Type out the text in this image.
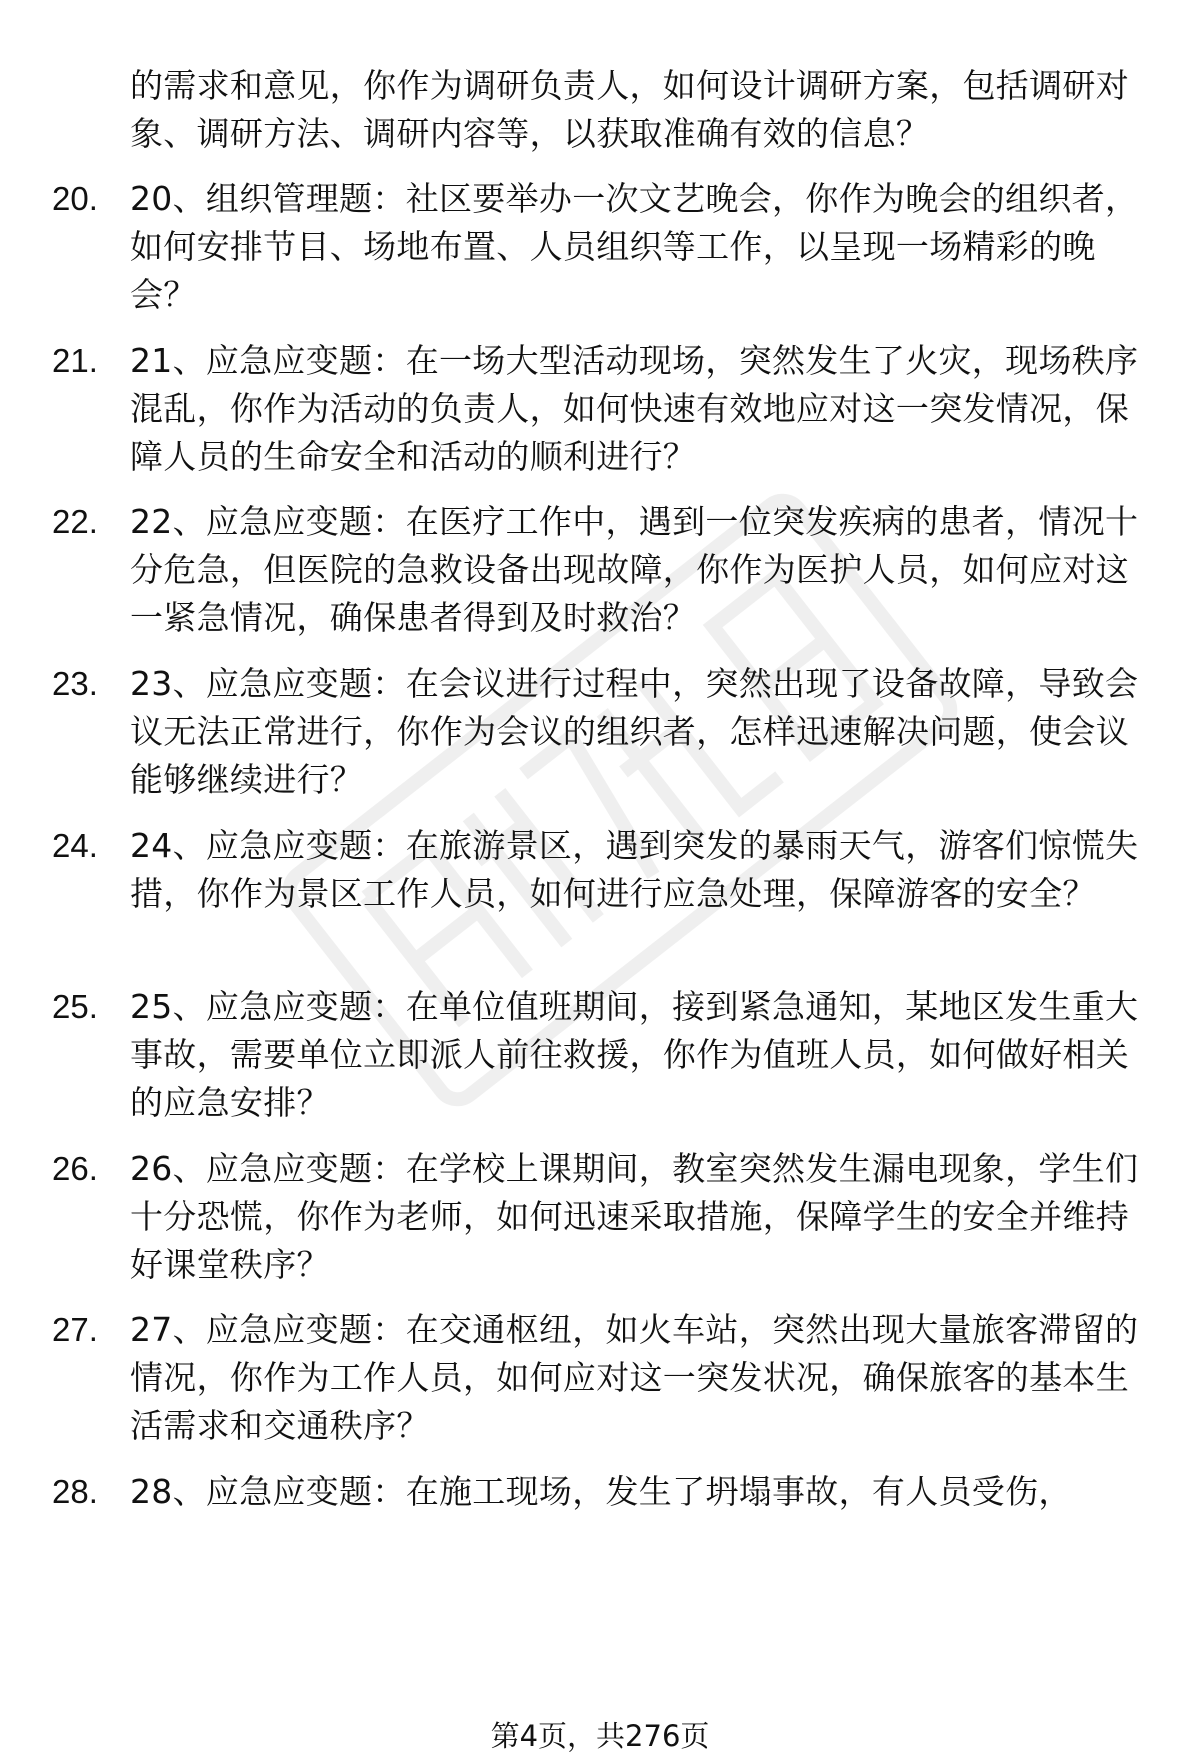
的需求和意见，你作为调研负责人，如何设计调研方案，包括调研对象、调研方法、调研内容等，以获取准确有效的信息？
20. 20、组织管理题：社区要举办一次文艺晚会，你作为晚会的组织者，如何安排节目、场地布置、人员组织等工作，以呈现一场精彩的晚会？
21. 21、应急应变题：在一场大型活动现场，突然发生了火灾，现场秩序混乱，你作为活动的负责人，如何快速有效地应对这一突发情况，保障人员的生命安全和活动的顺利进行？
22. 22、应急应变题：在医疗工作中，遇到一位突发疾病的患者，情况十分危急，但医院的急救设备出现故障，你作为医护人员，如何应对这一紧急情况，确保患者得到及时救治？
23. 23、应急应变题：在会议进行过程中，突然出现了设备故障，导致会议无法正常进行，你作为会议的组织者，怎样迅速解决问题，使会议能够继续进行？
24. 24、应急应变题：在旅游景区，遇到突发的暴雨天气，游客们惊慌失措，你作为景区工作人员，如何进行应急处理，保障游客的安全？
25. 25、应急应变题：在单位值班期间，接到紧急通知，某地区发生重大事故，需要单位立即派人前往救援，你作为值班人员，如何做好相关的应急安排？
26. 26、应急应变题：在学校上课期间，教室突然发生漏电现象，学生们十分恐慌，你作为老师，如何迅速采取措施，保障学生的安全并维持好课堂秩序？
27. 27、应急应变题：在交通枢纽，如火车站，突然出现大量旅客滞留的情况，你作为工作人员，如何应对这一突发状况，确保旅客的基本生活需求和交通秩序？
28. 28、应急应变题：在施工现场，发生了坍塌事故，有人员受伤，
第4页，共276页
